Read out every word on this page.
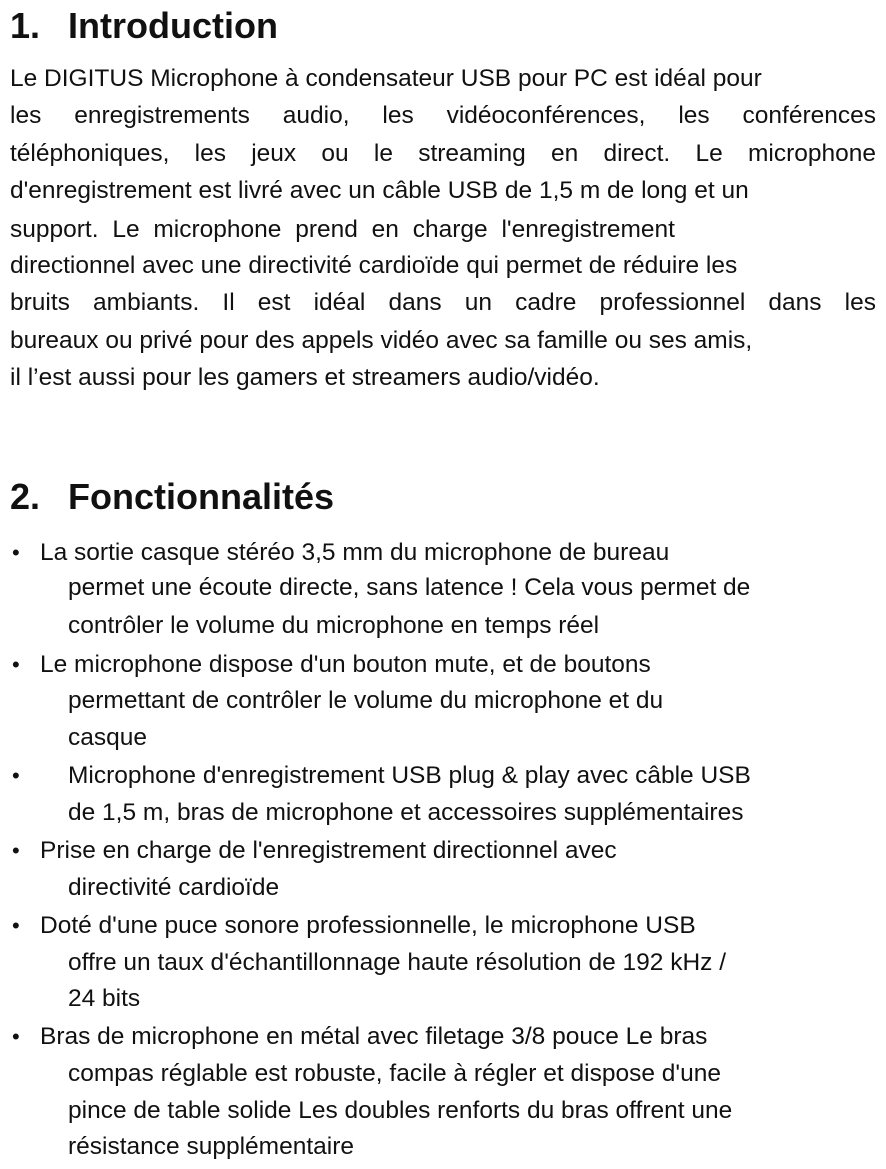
1. Introduction
Le DIGITUS Microphone à condensateur USB pour PC est idéal pour
les enregistrements audio, les vidéoconférences, les conférences
téléphoniques, les jeux ou le streaming en direct. Le microphone
d'enregistrement est livré avec un câble USB de 1,5 m de long et un
support. Le microphone prend en charge l'enregistrement
directionnel avec une directivité cardioïde qui permet de réduire les
bruits ambiants. Il est idéal dans un cadre professionnel dans les
bureaux ou privé pour des appels vidéo avec sa famille ou ses amis,
il l’est aussi pour les gamers et streamers audio/vidéo.
2. Fonctionnalités
• La sortie casque stéréo 3,5 mm du microphone de bureau
permet une écoute directe, sans latence ! Cela vous permet de
contrôler le volume du microphone en temps réel
• Le microphone dispose d'un bouton mute, et de boutons
permettant de contrôler le volume du microphone et du
casque
• Microphone d'enregistrement USB plug & play avec câble USB
de 1,5 m, bras de microphone et accessoires supplémentaires
• Prise en charge de l'enregistrement directionnel avec
directivité cardioïde
• Doté d'une puce sonore professionnelle, le microphone USB
offre un taux d'échantillonnage haute résolution de 192 kHz /
24 bits
• Bras de microphone en métal avec filetage 3/8 pouce Le bras
compas réglable est robuste, facile à régler et dispose d'une
pince de table solide Les doubles renforts du bras offrent une
résistance supplémentaire
